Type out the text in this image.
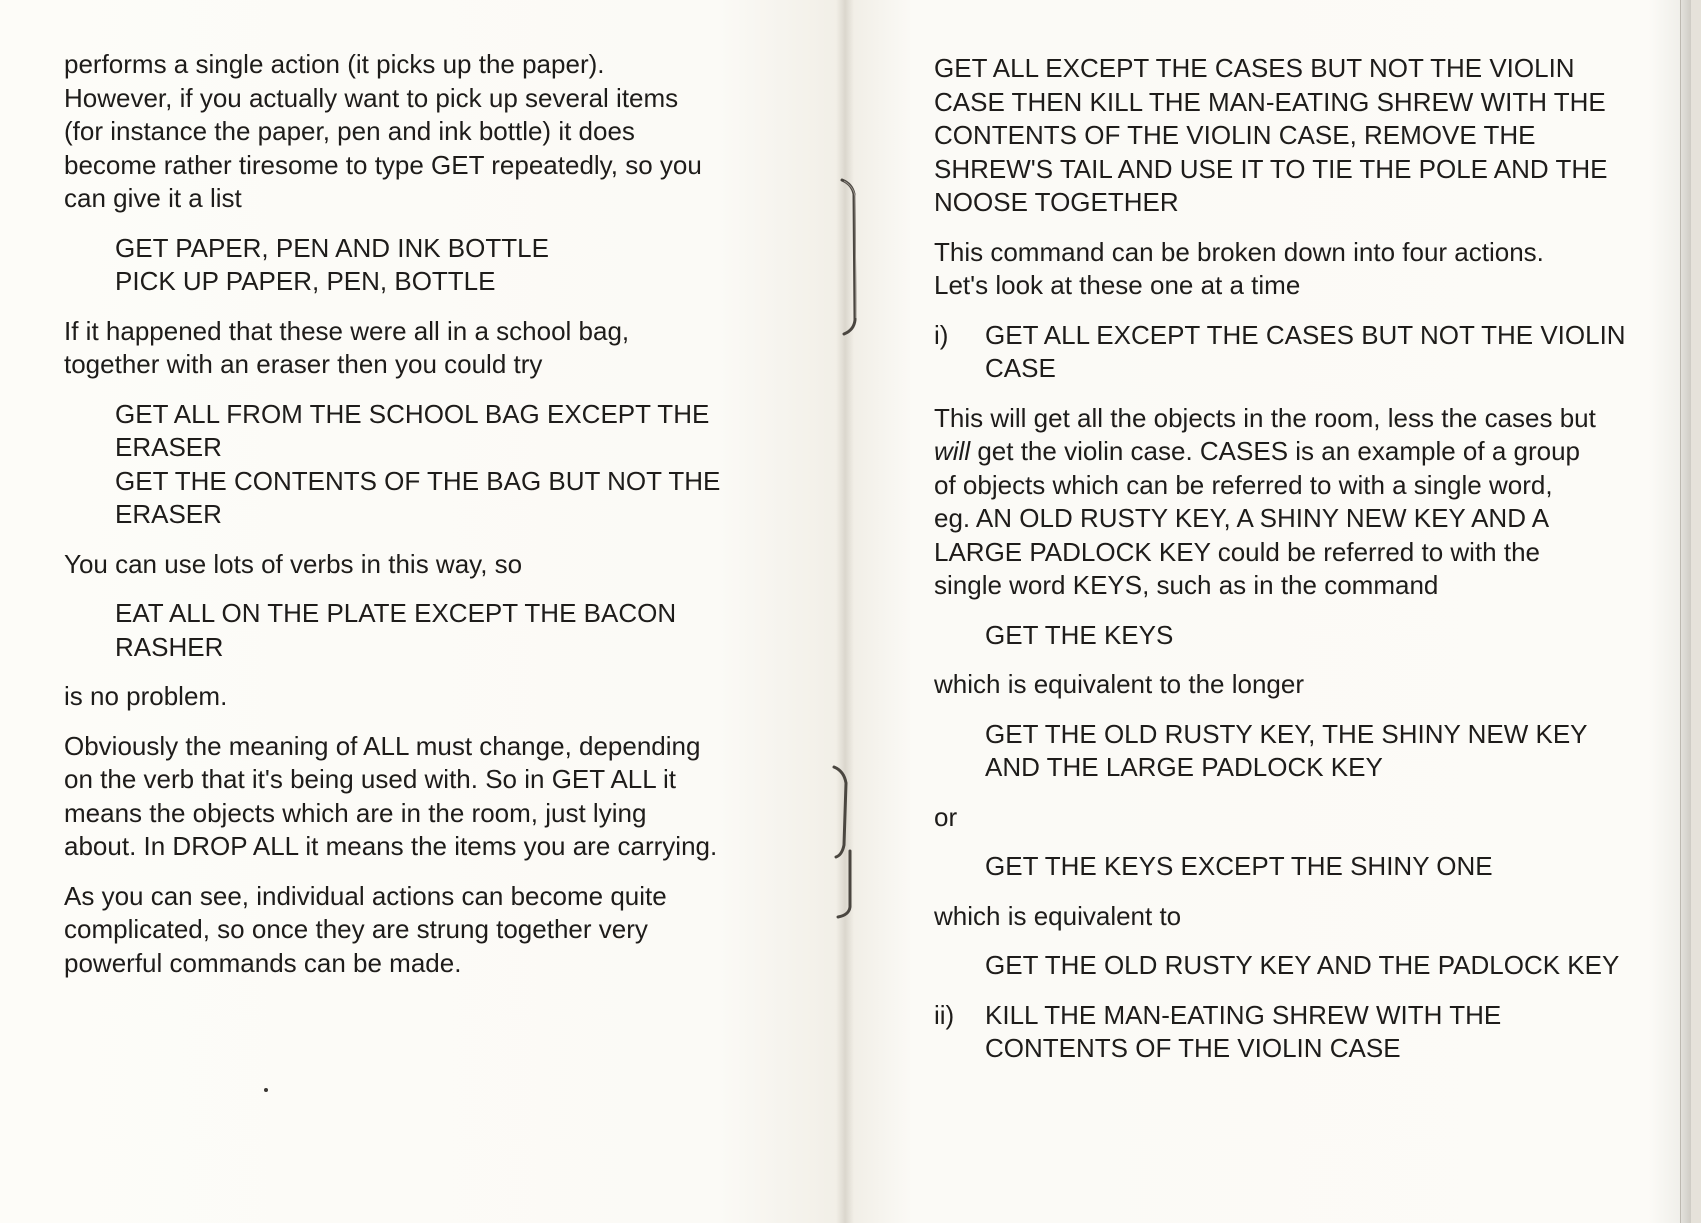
performs a single action (it picks up the paper).
However, if you actually want to pick up several items
(for instance the paper, pen and ink bottle) it does
become rather tiresome to type GET repeatedly, so you
can give it a list

GET PAPER, PEN AND INK BOTTLE
PICK UP PAPER, PEN, BOTTLE

If it happened that these were all in a school bag,
together with an eraser then you could try

GET ALL FROM THE SCHOOL BAG EXCEPT THE
ERASER
GET THE CONTENTS OF THE BAG BUT NOT THE
ERASER

You can use lots of verbs in this way, so

EAT ALL ON THE PLATE EXCEPT THE BACON
RASHER

is no problem.

Obviously the meaning of ALL must change, depending
on the verb that it's being used with. So in GET ALL it
means the objects which are in the room, just lying
about. In DROP ALL it means the items you are carrying.

As you can see, individual actions can become quite
complicated, so once they are strung together very
powerful commands can be made.

GET ALL EXCEPT THE CASES BUT NOT THE VIOLIN
CASE THEN KILL THE MAN-EATING SHREW WITH THE
CONTENTS OF THE VIOLIN CASE, REMOVE THE
SHREW'S TAIL AND USE IT TO TIE THE POLE AND THE
NOOSE TOGETHER

This command can be broken down into four actions.
Let's look at these one at a time

i)	GET ALL EXCEPT THE CASES BUT NOT THE VIOLIN
CASE

This will get all the objects in the room, less the cases but
will get the violin case. CASES is an example of a group
of objects which can be referred to with a single word,
eg. AN OLD RUSTY KEY, A SHINY NEW KEY AND A
LARGE PADLOCK KEY could be referred to with the
single word KEYS, such as in the command

GET THE KEYS

which is equivalent to the longer

GET THE OLD RUSTY KEY, THE SHINY NEW KEY
AND THE LARGE PADLOCK KEY

or

GET THE KEYS EXCEPT THE SHINY ONE

which is equivalent to

GET THE OLD RUSTY KEY AND THE PADLOCK KEY

ii)	KILL THE MAN-EATING SHREW WITH THE
CONTENTS OF THE VIOLIN CASE
